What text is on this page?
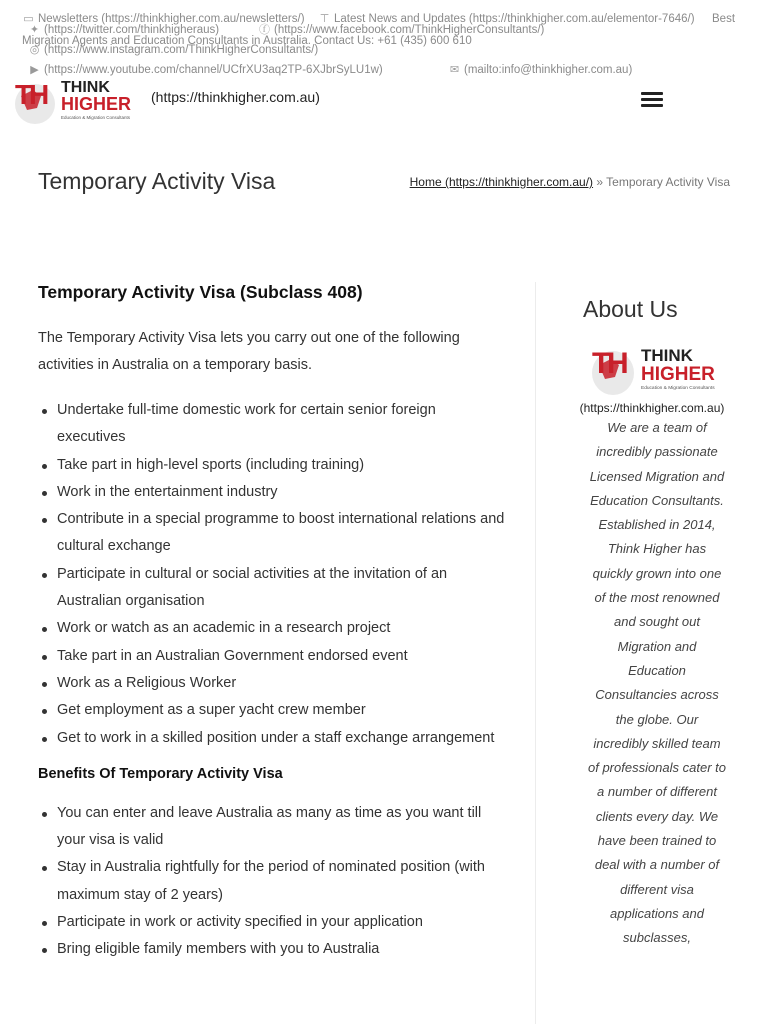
▭ Newsletters (https://thinkhigher.com.au/newsletters/) ⊤ Latest News and Updates (https://thinkhigher.com.au/elementor-7646/) Best
✦ (https://twitter.com/thinkhigheraus)	ⓕ (https://www.facebook.com/ThinkHigherConsultants/)
Migration Agents and Education Consultants in Australia. Contact Us: +61 (435) 600 610
◎ (https://www.instagram.com/ThinkHigherConsultants/)
▶ (https://www.youtube.com/channel/UCfrXU3aq2TP-6XJbrSyLU1w)	✉ (mailto:info@thinkhigher.com.au)
T
H THINK
HIGHER
Education & Migration Consultants
(https://thinkhigher.com.au)
Temporary Activity Visa	Home (https://thinkhigher.com.au/) » Temporary Activity Visa
Temporary Activity Visa (Subclass 408)

The Temporary Activity Visa lets you carry out one of the following activities in Australia on a temporary basis.

Undertake full-time domestic work for certain senior foreign executives
Take part in high-level sports (including training)
Work in the entertainment industry
Contribute in a special programme to boost international relations and cultural exchange
Participate in cultural or social activities at the invitation of an Australian organisation
Work or watch as an academic in a research project
Take part in an Australian Government endorsed event
Work as a Religious Worker
Get employment as a super yacht crew member
Get to work in a skilled position under a staff exchange arrangement
Benefits Of Temporary Activity Visa
You can enter and leave Australia as many as time as you want till your visa is valid
Stay in Australia rightfully for the period of nominated position (with maximum stay of 2 years)
Participate in work or activity specified in your application
Bring eligible family members with you to Australia
About Us
T
H THINK
HIGHER
Education & Migration Consultants
(https://thinkhigher.com.au)
We are a team of incredibly passionate Licensed Migration and Education Consultants. Established in 2014, Think Higher has quickly grown into one of the most renowned and sought out Migration and Education Consultancies across the globe. Our incredibly skilled team of professionals cater to a number of different clients every day. We have been trained to deal with a number of different visa applications and subclasses,
